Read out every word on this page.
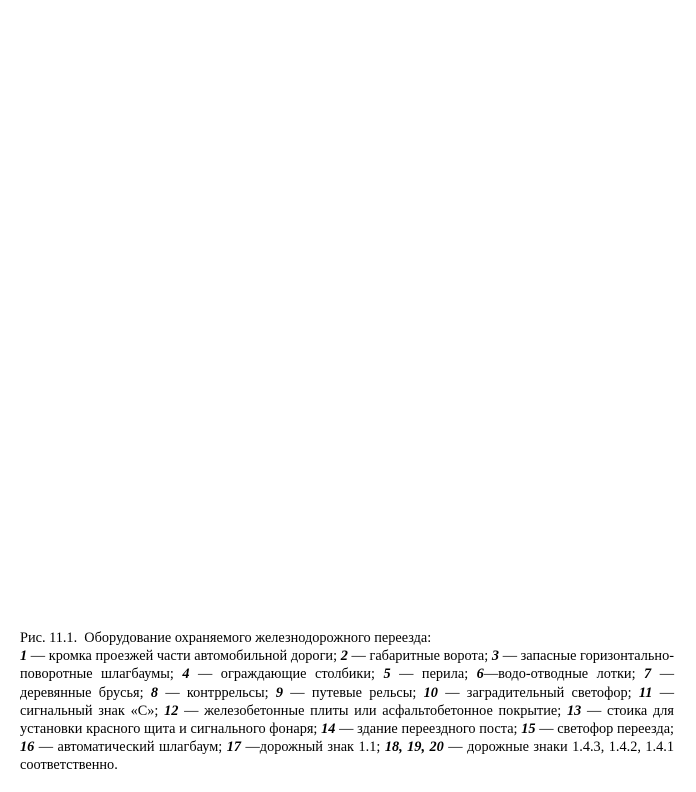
Рис. 11.1.  Оборудование охраняемого железнодорожного переезда:
1 — кромка проезжей части автомобильной дороги; 2 — габаритные ворота; 3 — запасные горизонтально-поворотные шлагбаумы; 4 — ограждающие столбики; 5 — перила; 6—водо-отводные лотки; 7 — деревянные брусья; 8 — контррельсы; 9 — путевые рельсы; 10 — заградительный светофор; 11 — сигнальный знак «С»; 12 — железобетонные плиты или асфальтобетонное покрытие; 13 — стоика для установки красного щита и сигнального фонаря; 14 — здание переездного поста; 15 — светофор переезда; 16 — автоматический шлагбаум; 17 —дорожный знак 1.1; 18, 19, 20 — дорожные знаки 1.4.3, 1.4.2, 1.4.1 соответственно.
